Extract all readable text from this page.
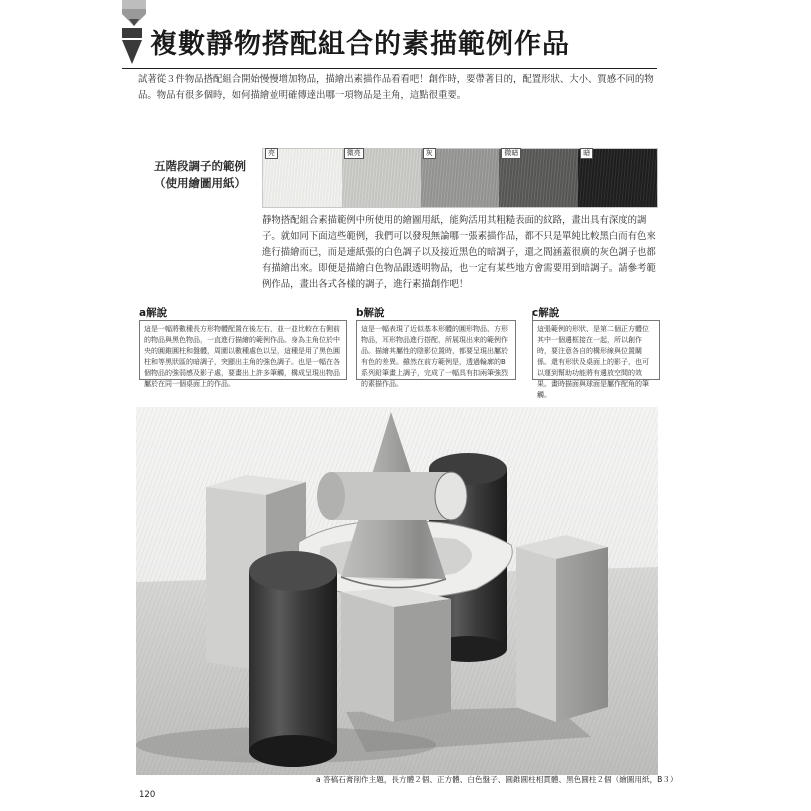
複數靜物搭配組合的素描範例作品
試著從３件物品搭配組合開始慢慢增加物品，描繪出素描作品看看吧！創作時，要帶著目的，配置形狀、大小、質感不同的物品。物品有很多個時，如何描繪並明確傳達出哪一項物品是主角，這點很重要。
五階段調子的範例
（使用繪圖用紙）
亮	微亮	灰	微暗	暗
靜物搭配組合素描範例中所使用的繪圖用紙，能夠活用其粗糙表面的紋路，畫出具有深度的調子。就如同下面這些範例，我們可以發現無論哪一張素描作品，都不只是單純比較黑白而有色來進行描繪而已，而是連紙張的白色調子以及接近黑色的暗調子，還之間涵蓋很廣的灰色調子也都有描繪出來。即便是描繪白色物品跟透明物品，也一定有某些地方會需要用到暗調子。請參考範例作品，畫出各式各樣的調子，進行素描創作吧！
a解說
這是一幅將數種長方形物體配置在後左右，並一並比較在右側前的物品與黑色物品，一直進行描繪的範例作品。身為主角位於中央的圓錐圓柱和盤體，周圍以數種處色以呈，這種是用了黑色圓柱和等黑狀區的暗調子，突顯出主角的強色調子。也是一幅在各個物品的強弱感及影子處，要畫出上許多筆觸，構成呈現出物品屬於在同一個桌面上的作品。
b解說
這是一幅表現了近似基本形體的圓形物品、方形物品，耳形物品進行搭配，所展現出來的範例作品。描繪其屬性的陰影位置時，都要呈現出屬於有色的差異。雖然在前方範例是，透過輪廓的B系列鉛筆畫上調子，完成了一幅具有扣兩筆強烈的素描作品。
c解說
這張範例的形狀、是第二個正方體位其中一個邊框接在一起，所以創作時，要注意各自的構形線與位置關係。還有形狀及桌面上的影子，也可以運到幫助功能將有邊放空間的效果。畫時描面與球面是屬作配角的筆觸。
a 答稿石膏削作主題，長方體２個、正方體、白色盤子、圓錐圓柱相貫體、黑色圓柱２個（繪圖用紙，B３）
120
